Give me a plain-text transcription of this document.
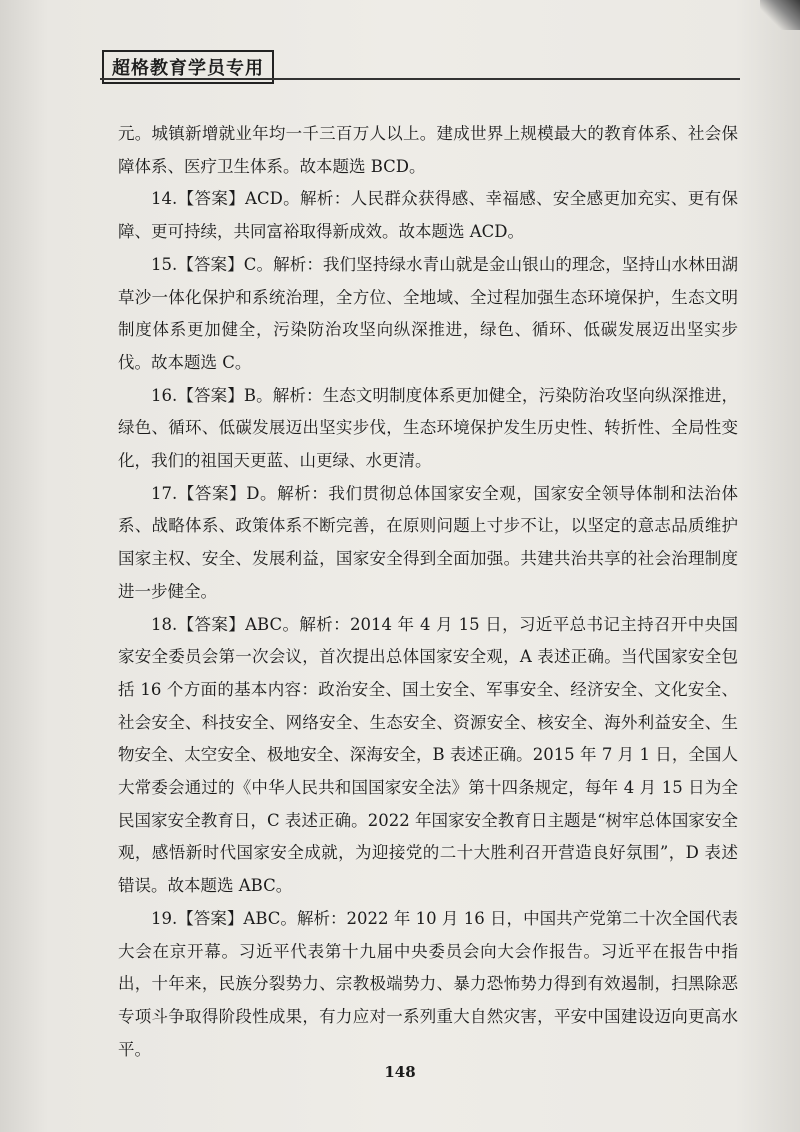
超格教育学员专用

元。城镇新增就业年均一千三百万人以上。建成世界上规模最大的教育体系、社会保障体系、医疗卫生体系。故本题选 BCD。

14.【答案】ACD。解析：人民群众获得感、幸福感、安全感更加充实、更有保障、更可持续，共同富裕取得新成效。故本题选 ACD。

15.【答案】C。解析：我们坚持绿水青山就是金山银山的理念，坚持山水林田湖草沙一体化保护和系统治理，全方位、全地域、全过程加强生态环境保护，生态文明制度体系更加健全，污染防治攻坚向纵深推进，绿色、循环、低碳发展迈出坚实步伐。故本题选 C。

16.【答案】B。解析：生态文明制度体系更加健全，污染防治攻坚向纵深推进，绿色、循环、低碳发展迈出坚实步伐，生态环境保护发生历史性、转折性、全局性变化，我们的祖国天更蓝、山更绿、水更清。

17.【答案】D。解析：我们贯彻总体国家安全观，国家安全领导体制和法治体系、战略体系、政策体系不断完善，在原则问题上寸步不让，以坚定的意志品质维护国家主权、安全、发展利益，国家安全得到全面加强。共建共治共享的社会治理制度进一步健全。

18.【答案】ABC。解析：2014 年 4 月 15 日，习近平总书记主持召开中央国家安全委员会第一次会议，首次提出总体国家安全观，A 表述正确。当代国家安全包括 16 个方面的基本内容：政治安全、国土安全、军事安全、经济安全、文化安全、社会安全、科技安全、网络安全、生态安全、资源安全、核安全、海外利益安全、生物安全、太空安全、极地安全、深海安全，B 表述正确。2015 年 7 月 1 日，全国人大常委会通过的《中华人民共和国国家安全法》第十四条规定，每年 4 月 15 日为全民国家安全教育日，C 表述正确。2022 年国家安全教育日主题是“树牢总体国家安全观，感悟新时代国家安全成就，为迎接党的二十大胜利召开营造良好氛围”，D 表述错误。故本题选 ABC。

19.【答案】ABC。解析：2022 年 10 月 16 日，中国共产党第二十次全国代表大会在京开幕。习近平代表第十九届中央委员会向大会作报告。习近平在报告中指出，十年来，民族分裂势力、宗教极端势力、暴力恐怖势力得到有效遏制，扫黑除恶专项斗争取得阶段性成果，有力应对一系列重大自然灾害，平安中国建设迈向更高水平。

148
